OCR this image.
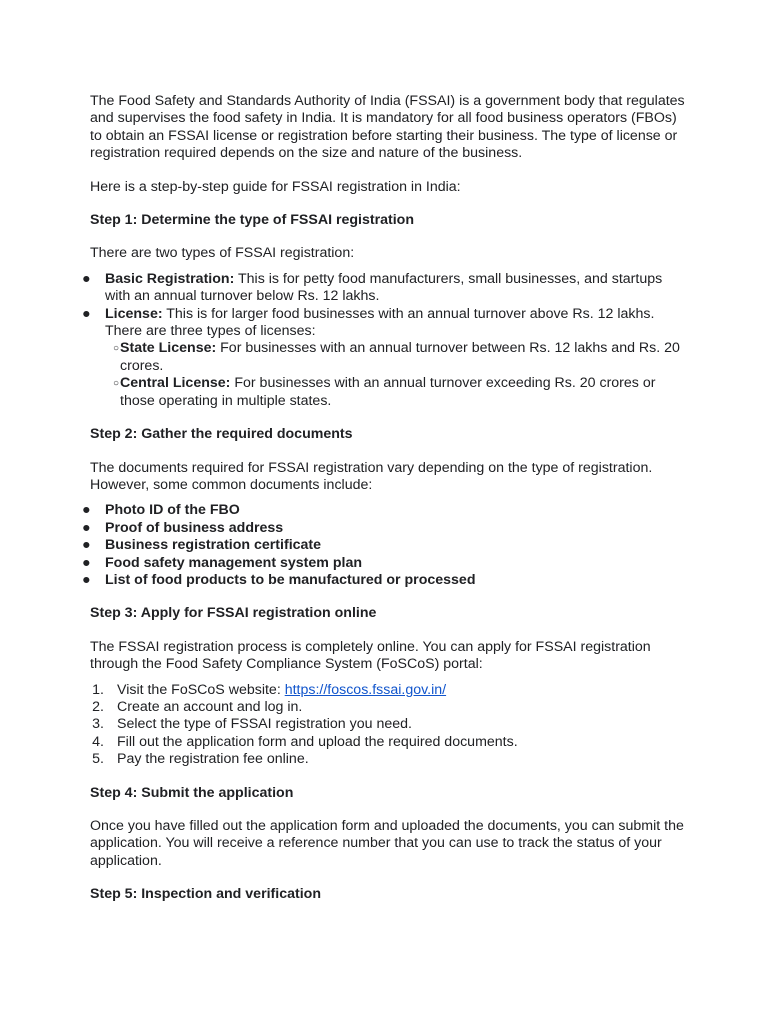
The Food Safety and Standards Authority of India (FSSAI) is a government body that regulates and supervises the food safety in India. It is mandatory for all food business operators (FBOs) to obtain an FSSAI license or registration before starting their business. The type of license or registration required depends on the size and nature of the business.

Here is a step-by-step guide for FSSAI registration in India:

Step 1: Determine the type of FSSAI registration

There are two types of FSSAI registration:

● Basic Registration: This is for petty food manufacturers, small businesses, and startups with an annual turnover below Rs. 12 lakhs.
● License: This is for larger food businesses with an annual turnover above Rs. 12 lakhs. There are three types of licenses:
○ State License: For businesses with an annual turnover between Rs. 12 lakhs and Rs. 20 crores.
○ Central License: For businesses with an annual turnover exceeding Rs. 20 crores or those operating in multiple states.

Step 2: Gather the required documents

The documents required for FSSAI registration vary depending on the type of registration. However, some common documents include:

● Photo ID of the FBO
● Proof of business address
● Business registration certificate
● Food safety management system plan
● List of food products to be manufactured or processed

Step 3: Apply for FSSAI registration online

The FSSAI registration process is completely online. You can apply for FSSAI registration through the Food Safety Compliance System (FoSCoS) portal:

1. Visit the FoSCoS website: https://foscos.fssai.gov.in/
2. Create an account and log in.
3. Select the type of FSSAI registration you need.
4. Fill out the application form and upload the required documents.
5. Pay the registration fee online.

Step 4: Submit the application

Once you have filled out the application form and uploaded the documents, you can submit the application. You will receive a reference number that you can use to track the status of your application.

Step 5: Inspection and verification
